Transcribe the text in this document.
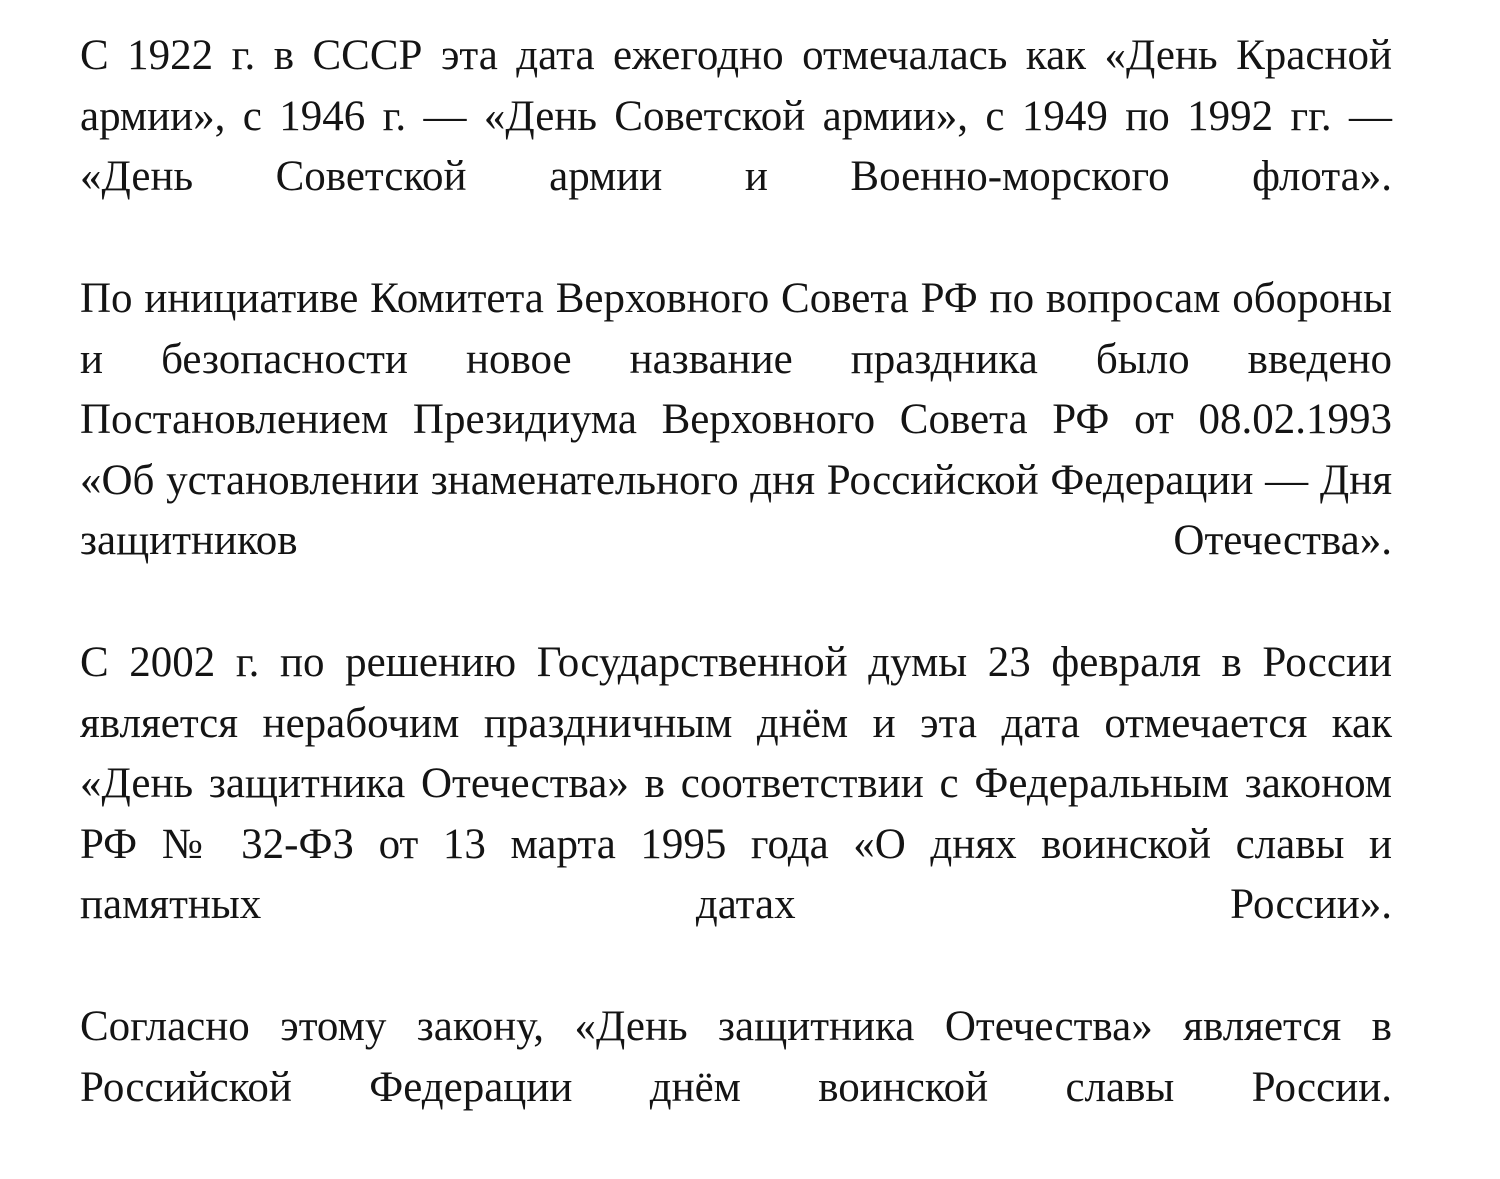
С 1922 г. в СССР эта дата ежегодно отмечалась как «День Красной армии», с 1946 г. — «День Советской армии», с 1949 по 1992 гг. — «День Советской армии и Военно-морского флота».

По инициативе Комитета Верховного Совета РФ по вопросам обороны и безопасности новое название праздника было введено Постановлением Президиума Верховного Совета РФ от 08.02.1993 «Об установлении знаменательного дня Российской Федерации — Дня защитников Отечества».

С 2002 г. по решению Государственной думы 23 февраля в России является нерабочим праздничным днём и эта дата отмечается как «День защитника Отечества» в соответствии с Федеральным законом РФ № 32-ФЗ от 13 марта 1995 года «О днях воинской славы и памятных датах России».

Согласно этому закону, «День защитника Отечества» является в Российской Федерации днём воинской славы России.
